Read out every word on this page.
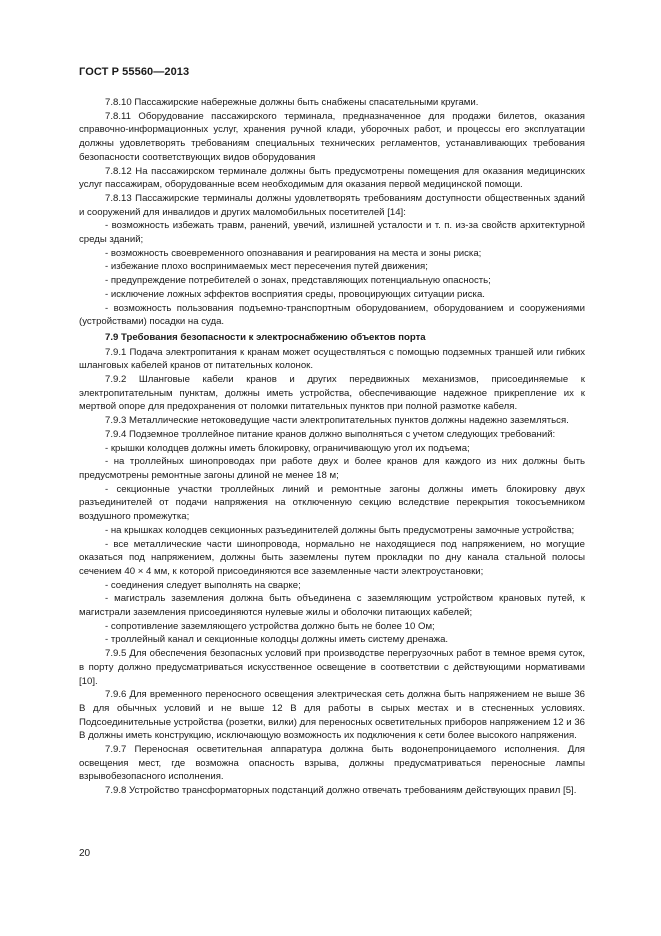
ГОСТ Р 55560—2013

7.8.10 Пассажирские набережные должны быть снабжены спасательными кругами.

7.8.11 Оборудование пассажирского терминала, предназначенное для продажи билетов, оказания справочно-информационных услуг, хранения ручной клади, уборочных работ, и процессы его эксплуатации должны удовлетворять требованиям специальных технических регламентов, устанавливающих требования безопасности соответствующих видов оборудования

7.8.12 На пассажирском терминале должны быть предусмотрены помещения для оказания медицинских услуг пассажирам, оборудованные всем необходимым для оказания первой медицинской помощи.

7.8.13 Пассажирские терминалы должны удовлетворять требованиям доступности общественных зданий и сооружений для инвалидов и других маломобильных посетителей [14]:

- возможность избежать травм, ранений, увечий, излишней усталости и т. п. из-за свойств архитектурной среды зданий;

- возможность своевременного опознавания и реагирования на места и зоны риска;

- избежание плохо воспринимаемых мест пересечения путей движения;

- предупреждение потребителей о зонах, представляющих потенциальную опасность;

- исключение ложных эффектов восприятия среды, провоцирующих ситуации риска.

- возможность пользования подъемно-транспортным оборудованием, оборудованием и сооружениями (устройствами) посадки на суда.

7.9 Требования безопасности к электроснабжению объектов порта

7.9.1 Подача электропитания к кранам может осуществляться с помощью подземных траншей или гибких шланговых кабелей кранов от питательных колонок.

7.9.2 Шланговые кабели кранов и других передвижных механизмов, присоединяемые к электропитательным пунктам, должны иметь устройства, обеспечивающие надежное прикрепление их к мертвой опоре для предохранения от поломки питательных пунктов при полной размотке кабеля.

7.9.3 Металлические нетоковедущие части электропитательных пунктов должны надежно заземляться.

7.9.4 Подземное троллейное питание кранов должно выполняться с учетом следующих требований:

- крышки колодцев должны иметь блокировку, ограничивающую угол их подъема;

- на троллейных шинопроводах при работе двух и более кранов для каждого из них должны быть предусмотрены ремонтные загоны длиной не менее 18 м;

- секционные участки троллейных линий и ремонтные загоны должны иметь блокировку двух разъединителей от подачи напряжения на отключенную секцию вследствие перекрытия токосъемником воздушного промежутка;

- на крышках колодцев секционных разъединителей должны быть предусмотрены замочные устройства;

- все металлические части шинопровода, нормально не находящиеся под напряжением, но могущие оказаться под напряжением, должны быть заземлены путем прокладки по дну канала стальной полосы сечением 40 × 4 мм, к которой присоединяются все заземленные части электроустановки;

- соединения следует выполнять на сварке;

- магистраль заземления должна быть объединена с заземляющим устройством крановых путей, к магистрали заземления присоединяются нулевые жилы и оболочки питающих кабелей;

- сопротивление заземляющего устройства должно быть не более 10 Ом;

- троллейный канал и секционные колодцы должны иметь систему дренажа.

7.9.5 Для обеспечения безопасных условий при производстве перегрузочных работ в темное время суток, в порту должно предусматриваться искусственное освещение в соответствии с действующими нормативами [10].

7.9.6 Для временного переносного освещения электрическая сеть должна быть напряжением не выше 36 В для обычных условий и не выше 12 В для работы в сырых местах и в стесненных условиях. Подсоединительные устройства (розетки, вилки) для переносных осветительных приборов напряжением 12 и 36 В должны иметь конструкцию, исключающую возможность их подключения к сети более высокого напряжения.

7.9.7 Переносная осветительная аппаратура должна быть водонепроницаемого исполнения. Для освещения мест, где возможна опасность взрыва, должны предусматриваться переносные лампы взрывобезопасного исполнения.

7.9.8 Устройство трансформаторных подстанций должно отвечать требованиям действующих правил [5].

20
